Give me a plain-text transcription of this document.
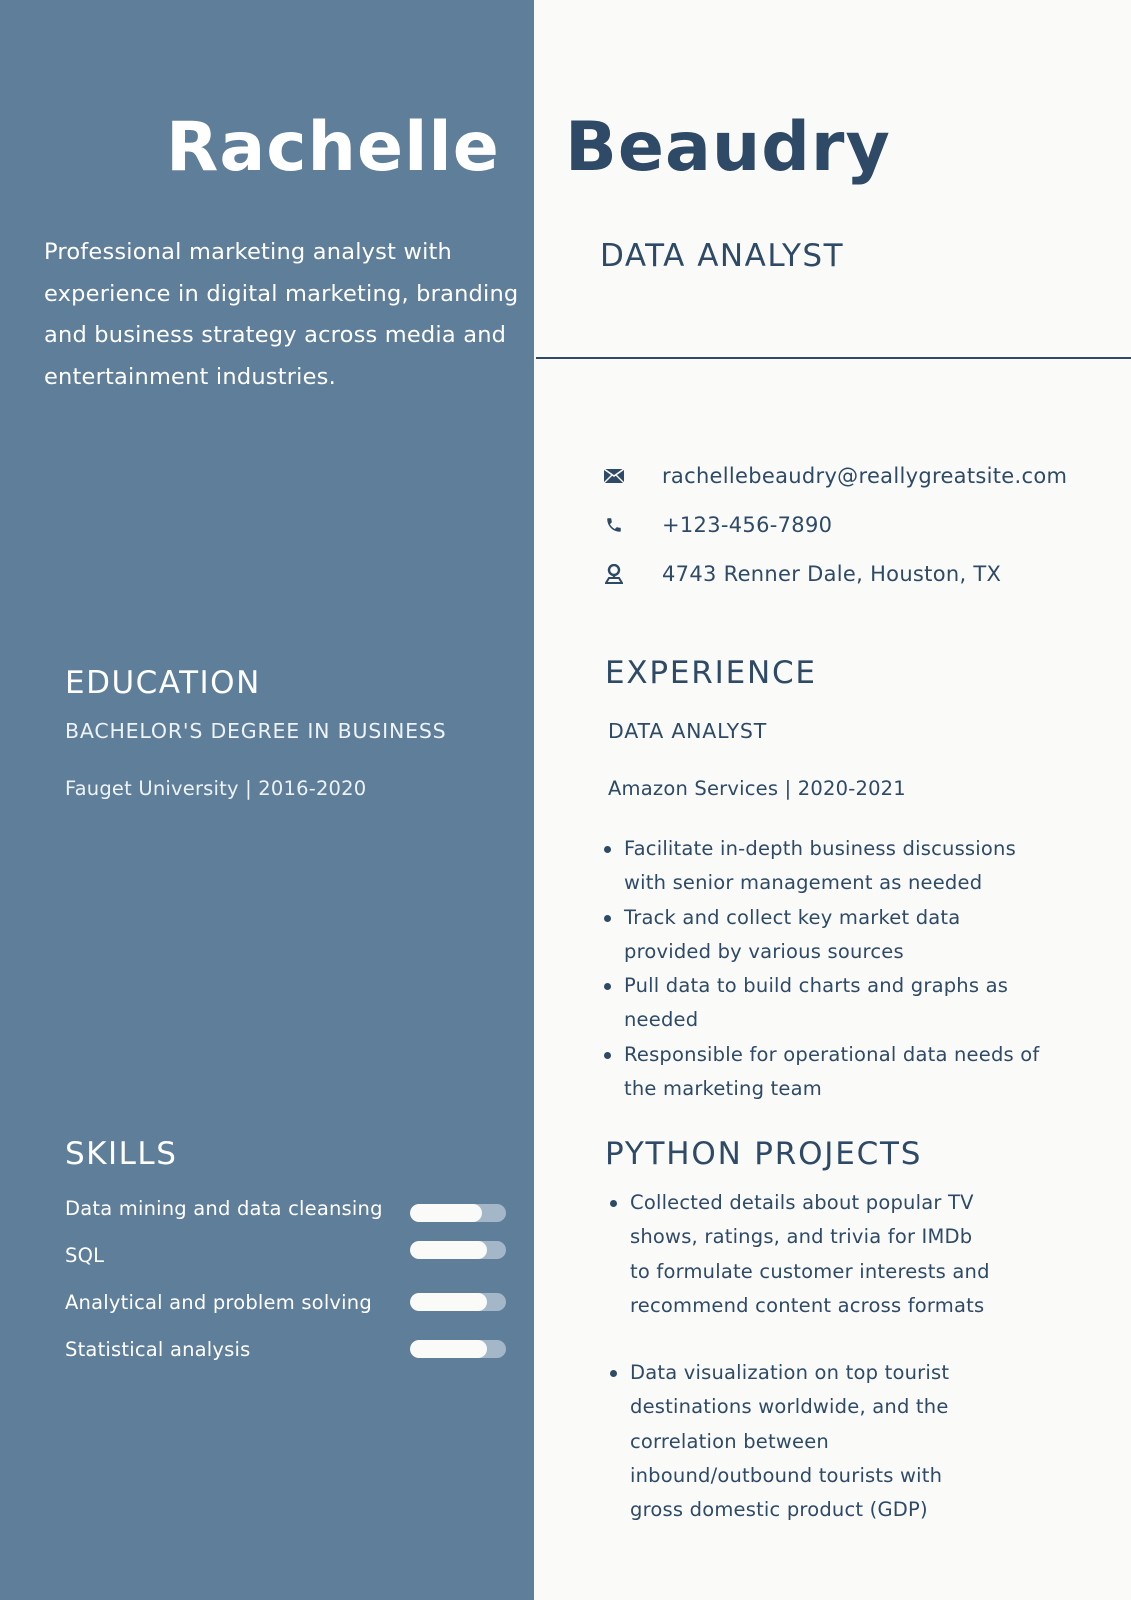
Rachelle Beaudry
Professional marketing analyst with experience in digital marketing, branding and business strategy across media and entertainment industries.
DATA ANALYST
rachellebeaudry@reallygreatsite.com
+123-456-7890
4743 Renner Dale, Houston, TX
EDUCATION
BACHELOR'S DEGREE IN BUSINESS
Fauget University | 2016-2020
SKILLS
Data mining and data cleansing
SQL
Analytical and problem solving
Statistical analysis
EXPERIENCE
DATA ANALYST
Amazon Services | 2020-2021
Facilitate in-depth business discussions with senior management as needed
Track and collect key market data provided by various sources
Pull data to build charts and graphs as needed
Responsible for operational data needs of the marketing team
PYTHON PROJECTS
Collected details about popular TV shows, ratings, and trivia for IMDb to formulate customer interests and recommend content across formats
Data visualization on top tourist destinations worldwide, and the correlation between inbound/outbound tourists with gross domestic product (GDP)
